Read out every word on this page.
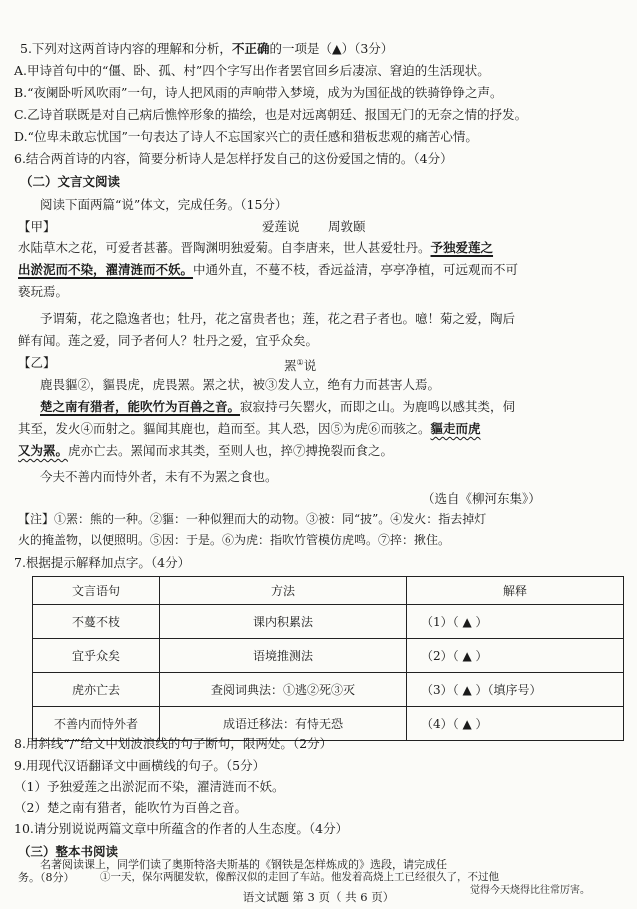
5.下列对这两首诗内容的理解和分析，不正确的一项是（▲）（3分）
A.甲诗首句中的“僵、卧、孤、村”四个字写出作者罢官回乡后凄凉、窘迫的生活现状。
B.“夜阑卧听风吹雨”一句，诗人把风雨的声响带入梦境，成为为国征战的铁骑铮铮之声。
C.乙诗首联既是对自己病后憔悴形象的描绘，也是对远离朝廷、报国无门的无奈之情的抒发。
D.“位卑未敢忘忧国”一句表达了诗人不忘国家兴亡的责任感和猎板悲观的痛苦心情。
6.结合两首诗的内容，简要分析诗人是怎样抒发自己的这份爱国之情的。（4分）
（二）文言文阅读
阅读下面两篇“说”体文，完成任务。（15分）
【甲】	爱莲说 周敦颐
水陆草木之花，可爱者甚蕃。晋陶渊明独爱菊。自李唐来，世人甚爱牡丹。予独爱莲之
出淤泥而不染，濯清涟而不妖。中通外直，不蔓不枝，香远益清，亭亭净植，可远观而不可
亵玩焉。
予谓菊，花之隐逸者也；牡丹，花之富贵者也；莲，花之君子者也。噫！菊之爱，陶后
鲜有闻。莲之爱，同予者何人？牡丹之爱，宜乎众矣。
【乙】	罴①说
鹿畏貙②，貙畏虎，虎畏罴。罴之状，被③发人立，绝有力而甚害人焉。
楚之南有猎者，能吹竹为百兽之音。寂寂持弓矢罂火，而即之山。为鹿鸣以感其类，伺
其至，发火④而射之。貙闻其鹿也，趋而至。其人恐，因⑤为虎⑥而骇之。貙走而虎
又为罴。虎亦亡去。罴闻而求其类，至则人也，捽⑦搏挽裂而食之。
今夫不善内而恃外者，未有不为罴之食也。
（选自《柳河东集》）
【注】①罴：熊的一种。②貙：一种似狸而大的动物。③被：同“披”。④发火：指去掉灯
火的掩盖物，以便照明。⑤因：于是。⑥为虎：指吹竹管模仿虎鸣。⑦捽：揪住。
7.根据提示解释加点字。（4分）
文言语句	方法	解释
不蔓不枝	课内积累法	（1）（ ▲ ）
宜乎众矣	语境推测法	（2）（ ▲ ）
虎亦亡去	查阅词典法：①逃②死③灭	（3）（ ▲ ）（填序号）
不善内而恃外者	成语迁移法：有恃无恐	（4）（ ▲ ）
8.用斜线“/”给文中划波浪线的句子断句，限两处。（2分）
9.用现代汉语翻译文中画横线的句子。（5分）
（1）予独爱莲之出淤泥而不染，濯清涟而不妖。
（2）楚之南有猎者，能吹竹为百兽之音。
10.请分别说说两篇文章中所蕴含的作者的人生态度。（4分）
（三）整本书阅读
名著阅读课上，同学们读了奥斯特洛夫斯基的《钢铁是怎样炼成的》选段，请完成任
语文试题 第 3 页（ 共 6 页）
务。（8分） ①一天，保尔两腿发软，像醉汉似的走回了车站。他发着高烧上工已经很久了，不过他
觉得今天烧得比往常厉害。
